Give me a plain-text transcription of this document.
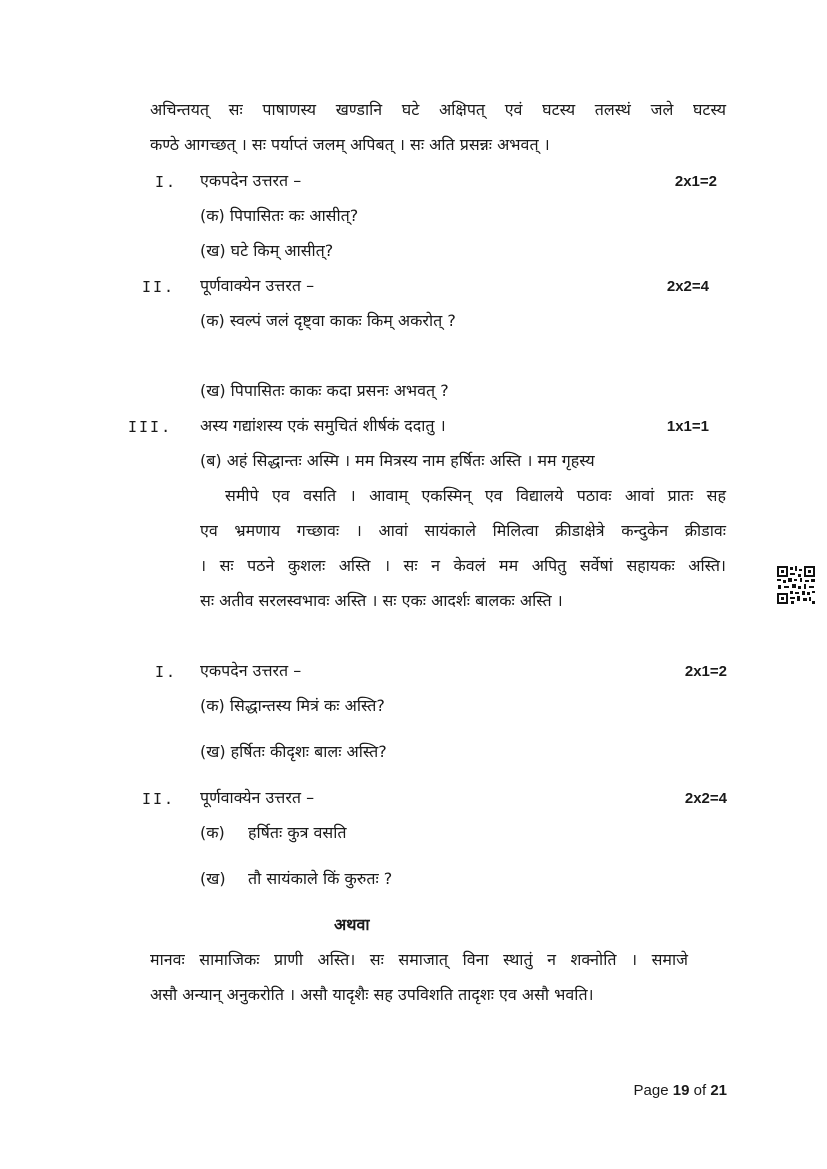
अचिन्तयत् सः पाषाणस्य खण्डानि घटे अक्षिपत् एवं घटस्य तलस्थं जले घटस्य
कण्ठे आगच्छत् । सः पर्याप्तं जलम् अपिबत् । सः अति प्रसन्नः अभवत् ।
I. एकपदेन उत्तरत –	2x1=2
(क) पिपासितः कः आसीत्?
(ख) घटे किम् आसीत्?
II. पूर्णवाक्येन उत्तरत –	2x2=4
(क) स्वल्पं जलं दृष्ट्वा काकः किम् अकरोत् ?
(ख) पिपासितः काकः कदा प्रसनः अभवत् ?
III. अस्य गद्यांशस्य एकं समुचितं शीर्षकं ददातु ।	1x1=1
(ब) अहं सिद्धान्तः अस्मि । मम मित्रस्य नाम हर्षितः अस्ति । मम गृहस्य
समीपे एव वसति । आवाम् एकस्मिन् एव विद्यालये पठावः आवां प्रातः सह
एव भ्रमणाय गच्छावः । आवां सायंकाले मिलित्वा क्रीडाक्षेत्रे कन्दुकेन क्रीडावः
। सः पठने कुशलः अस्ति । सः न केवलं मम अपितु सर्वेषां सहायकः अस्ति।
सः अतीव सरलस्वभावः अस्ति । सः एकः आदर्शः बालकः अस्ति ।
I. एकपदेन उत्तरत –	2x1=2
(क) सिद्धान्तस्य मित्रं कः अस्ति?
(ख) हर्षितः कीदृशः बालः अस्ति?
II. पूर्णवाक्येन उत्तरत –	2x2=4
(क) हर्षितः कुत्र वसति
(ख) तौ सायंकाले किं कुरुतः ?
अथवा
मानवः सामाजिकः प्राणी अस्ति। सः समाजात् विना स्थातुं न शक्नोति । समाजे
असौ अन्यान् अनुकरोति । असौ यादृशैः सह उपविशति तादृशः एव असौ भवति।
Page 19 of 21
